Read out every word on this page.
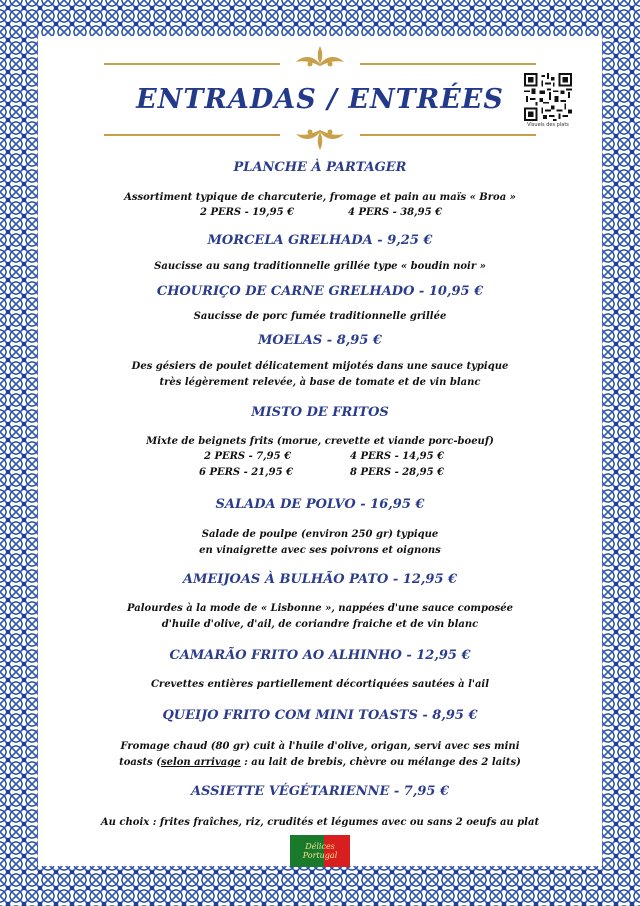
ENTRADAS / ENTRÉES
Visuels des plats
PLANCHE À PARTAGER
Assortiment typique de charcuterie, fromage et pain au maïs « Broa »
2 PERS - 19,95 €	4 PERS - 38,95 €
MORCELA GRELHADA - 9,25 €
Saucisse au sang traditionnelle grillée type « boudin noir »
CHOURIÇO DE CARNE GRELHADO - 10,95 €
Saucisse de porc fumée traditionnelle grillée
MOELAS - 8,95 €
Des gésiers de poulet délicatement mijotés dans une sauce typique
très légèrement relevée, à base de tomate et de vin blanc
MISTO DE FRITOS
Mixte de beignets frits (morue, crevette et viande porc-boeuf)
2 PERS - 7,95 €	4 PERS - 14,95 €
6 PERS - 21,95 €	8 PERS - 28,95 €
SALADA DE POLVO - 16,95 €
Salade de poulpe (environ 250 gr) typique
en vinaigrette avec ses poivrons et oignons
AMEIJOAS À BULHÃO PATO - 12,95 €
Palourdes à la mode de « Lisbonne », nappées d'une sauce composée
d'huile d'olive, d'ail, de coriandre fraiche et de vin blanc
CAMARÃO FRITO AO ALHINHO - 12,95 €
Crevettes entières partiellement décortiquées sautées à l'ail
QUEIJO FRITO COM MINI TOASTS - 8,95 €
Fromage chaud (80 gr) cuit à l'huile d'olive, origan, servi avec ses mini
toasts (selon arrivage : au lait de brebis, chèvre ou mélange des 2 laits)
ASSIETTE VÉGÉTARIENNE - 7,95 €
Au choix : frites fraîches, riz, crudités et légumes avec ou sans 2 oeufs au plat
Délices
Portugal
